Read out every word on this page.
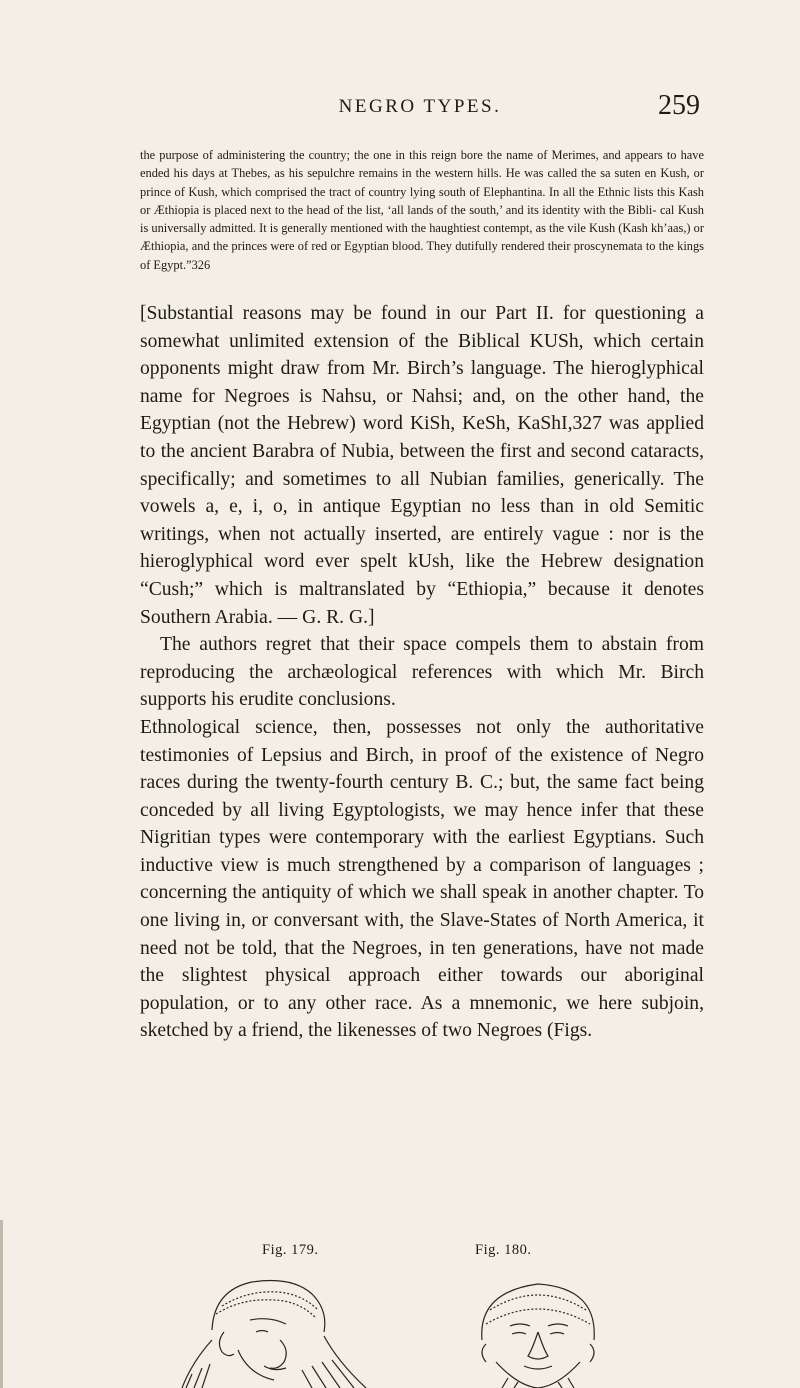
NEGRO TYPES.	259

the purpose of administering the country; the one in this reign bore the name of Merimes, and appears to have ended his days at Thebes, as his sepulchre remains in the western hills. He was called the sa suten en Kush, or prince of Kush, which comprised the tract of country lying south of Elephantina. In all the Ethnic lists this Kash or Æthiopia is placed next to the head of the list, ‘all lands of the south,’ and its identity with the Bibli- cal Kush is universally admitted. It is generally mentioned with the haughtiest contempt, as the vile Kush (Kash kh’aas,) or Æthiopia, and the princes were of red or Egyptian blood. They dutifully rendered their proscynemata to the kings of Egypt.”326

[Substantial reasons may be found in our Part II. for questioning a somewhat unlimited extension of the Biblical KUSh, which certain opponents might draw from Mr. Birch’s language. The hieroglyphical name for Negroes is Nahsu, or Nahsi; and, on the other hand, the Egyptian (not the Hebrew) word KiSh, KeSh, KaShI,327 was applied to the ancient Barabra of Nubia, between the first and second cataracts, specifically; and sometimes to all Nubian families, generically. The vowels a, e, i, o, in antique Egyptian no less than in old Semitic writings, when not actually inserted, are entirely vague : nor is the hieroglyphical word ever spelt kUsh, like the Hebrew designation “Cush;” which is maltranslated by “Ethiopia,” because it denotes Southern Arabia. — G. R. G.]

The authors regret that their space compels them to abstain from reproducing the archæological references with which Mr. Birch supports his erudite conclusions.

Ethnological science, then, possesses not only the authoritative testimonies of Lepsius and Birch, in proof of the existence of Negro races during the twenty-fourth century B. C.; but, the same fact being conceded by all living Egyptologists, we may hence infer that these Nigritian types were contemporary with the earliest Egyptians. Such inductive view is much strengthened by a comparison of languages ; concerning the antiquity of which we shall speak in another chapter. To one living in, or conversant with, the Slave-States of North America, it need not be told, that the Negroes, in ten generations, have not made the slightest physical approach either towards our aboriginal population, or to any other race. As a mnemonic, we here subjoin, sketched by a friend, the likenesses of two Negroes (Figs.

Fig. 179.	Fig. 180.
